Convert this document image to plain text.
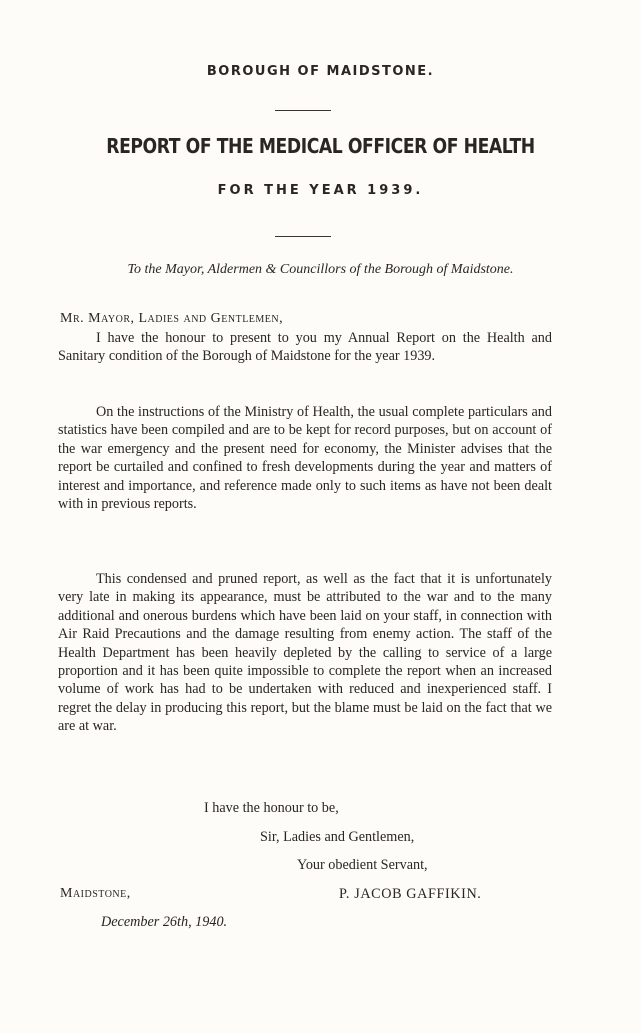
BOROUGH OF MAIDSTONE.
REPORT OF THE MEDICAL OFFICER OF HEALTH
FOR THE YEAR 1939.
To the Mayor, Aldermen & Councillors of the Borough of Maidstone.
Mr. Mayor, Ladies and Gentlemen,

I have the honour to present to you my Annual Report on the Health and Sanitary condition of the Borough of Maidstone for the year 1939.

On the instructions of the Ministry of Health, the usual complete particulars and statistics have been compiled and are to be kept for record purposes, but on account of the war emergency and the present need for economy, the Minister advises that the report be curtailed and confined to fresh developments during the year and matters of interest and importance, and reference made only to such items as have not been dealt with in previous reports.

This condensed and pruned report, as well as the fact that it is unfortunately very late in making its appearance, must be attributed to the war and to the many additional and onerous burdens which have been laid on your staff, in connection with Air Raid Precautions and the damage resulting from enemy action. The staff of the Health Department has been heavily depleted by the calling to service of a large proportion and it has been quite impossible to complete the report when an increased volume of work has had to be undertaken with reduced and inexperienced staff. I regret the delay in producing this report, but the blame must be laid on the fact that we are at war.

I have the honour to be,
Sir, Ladies and Gentlemen,
Your obedient Servant,
Maidstone,	P. JACOB GAFFIKIN.
December 26th, 1940.
